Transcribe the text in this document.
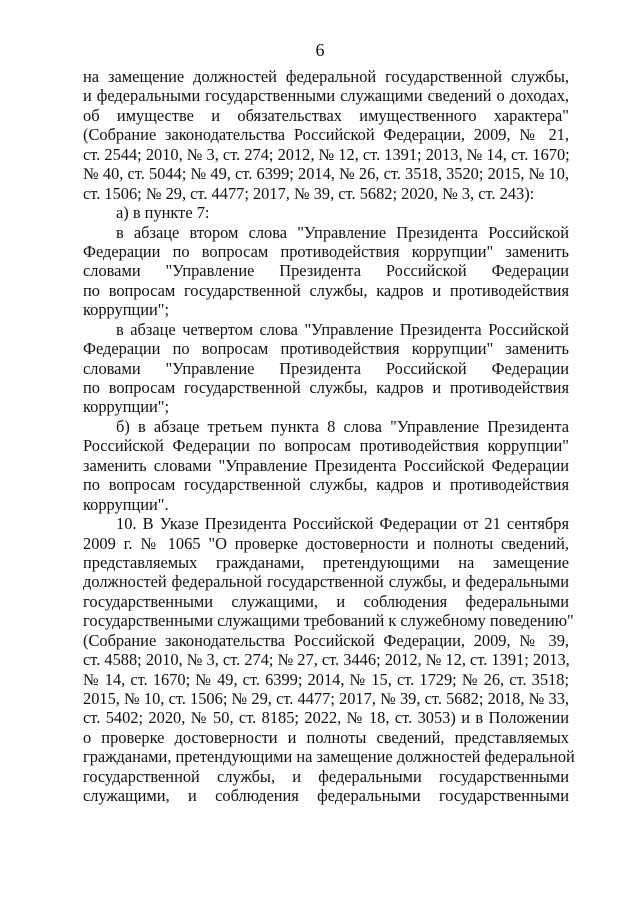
6
на замещение должностей федеральной государственной службы,
и федеральными государственными служащими сведений о доходах,
об имуществе и обязательствах имущественного характера"
(Собрание законодательства Российской Федерации, 2009, № 21,
ст. 2544; 2010, № 3, ст. 274; 2012, № 12, ст. 1391; 2013, № 14, ст. 1670;
№ 40, ст. 5044; № 49, ст. 6399; 2014, № 26, ст. 3518, 3520; 2015, № 10,
ст. 1506; № 29, ст. 4477; 2017, № 39, ст. 5682; 2020, № 3, ст. 243):
а) в пункте 7:
в абзаце втором слова "Управление Президента Российской
Федерации по вопросам противодействия коррупции" заменить
словами "Управление Президента Российской Федерации
по вопросам государственной службы, кадров и противодействия
коррупции";
в абзаце четвертом слова "Управление Президента Российской
Федерации по вопросам противодействия коррупции" заменить
словами "Управление Президента Российской Федерации
по вопросам государственной службы, кадров и противодействия
коррупции";
б) в абзаце третьем пункта 8 слова "Управление Президента
Российской Федерации по вопросам противодействия коррупции"
заменить словами "Управление Президента Российской Федерации
по вопросам государственной службы, кадров и противодействия
коррупции".
10. В Указе Президента Российской Федерации от 21 сентября
2009 г. № 1065 "О проверке достоверности и полноты сведений,
представляемых гражданами, претендующими на замещение
должностей федеральной государственной службы, и федеральными
государственными служащими, и соблюдения федеральными
государственными служащими требований к служебному поведению"
(Собрание законодательства Российской Федерации, 2009, № 39,
ст. 4588; 2010, № 3, ст. 274; № 27, ст. 3446; 2012, № 12, ст. 1391; 2013,
№ 14, ст. 1670; № 49, ст. 6399; 2014, № 15, ст. 1729; № 26, ст. 3518;
2015, № 10, ст. 1506; № 29, ст. 4477; 2017, № 39, ст. 5682; 2018, № 33,
ст. 5402; 2020, № 50, ст. 8185; 2022, № 18, ст. 3053) и в Положении
о проверке достоверности и полноты сведений, представляемых
гражданами, претендующими на замещение должностей федеральной
государственной службы, и федеральными государственными
служащими, и соблюдения федеральными государственными
